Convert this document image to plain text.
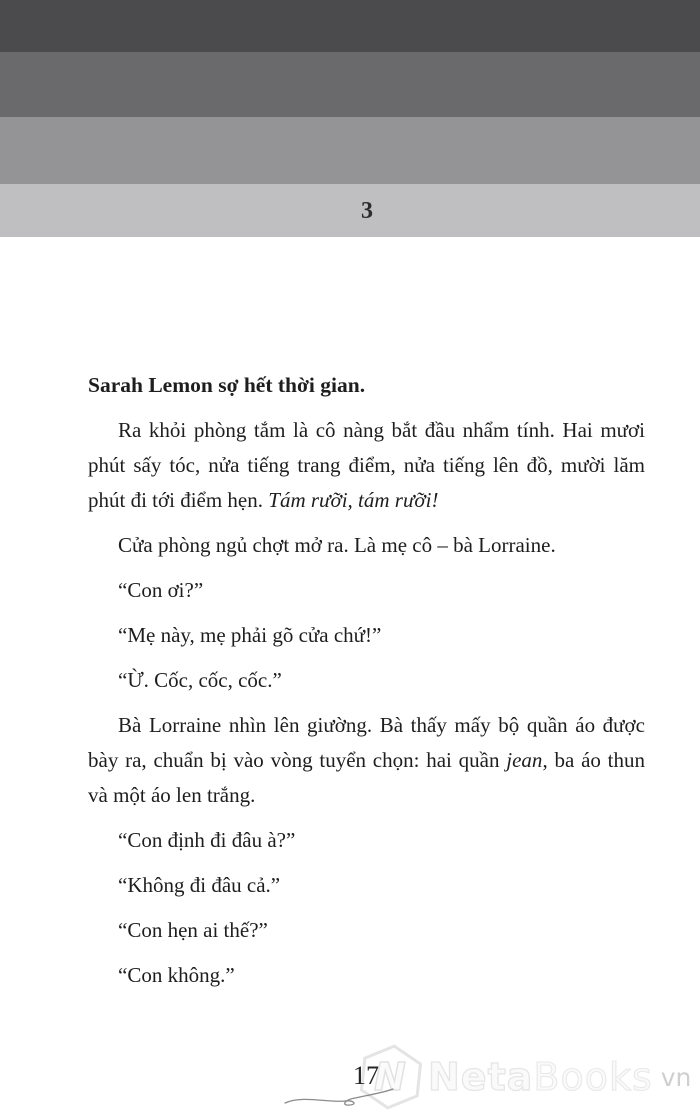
3
Sarah Lemon sợ hết thời gian.

Ra khỏi phòng tắm là cô nàng bắt đầu nhẩm tính. Hai mươi phút sấy tóc, nửa tiếng trang điểm, nửa tiếng lên đồ, mười lăm phút đi tới điểm hẹn. Tám rưỡi, tám rưỡi!

Cửa phòng ngủ chợt mở ra. Là mẹ cô – bà Lorraine.

“Con ơi?”

“Mẹ này, mẹ phải gõ cửa chứ!”

“Ừ. Cốc, cốc, cốc.”

Bà Lorraine nhìn lên giường. Bà thấy mấy bộ quần áo được bày ra, chuẩn bị vào vòng tuyển chọn: hai quần jean, ba áo thun và một áo len trắng.

“Con định đi đâu à?”

“Không đi đâu cả.”

“Con hẹn ai thế?”

“Con không.”

N NetaBooks vn
17
